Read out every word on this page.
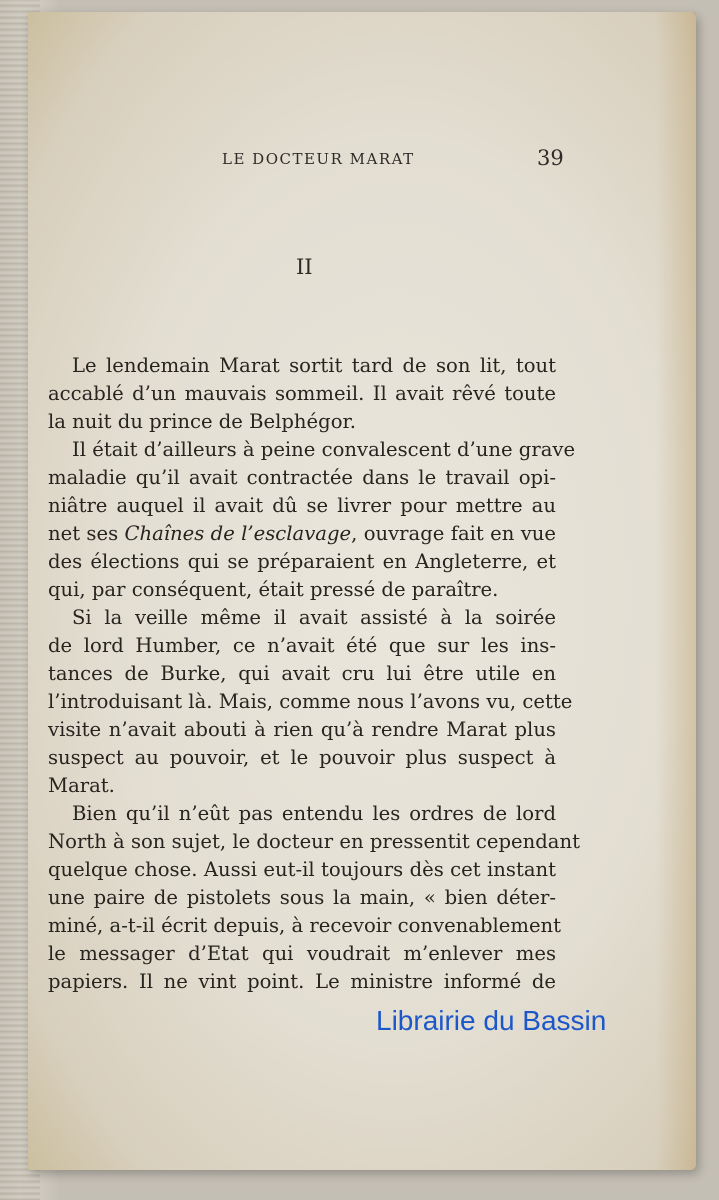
LE DOCTEUR MARAT	39
II
Le lendemain Marat sortit tard de son lit, tout
accablé d’un mauvais sommeil. Il avait rêvé toute
la nuit du prince de Belphégor.
Il était d’ailleurs à peine convalescent d’une grave
maladie qu’il avait contractée dans le travail opi-
niâtre auquel il avait dû se livrer pour mettre au
net ses Chaînes de l’esclavage, ouvrage fait en vue
des élections qui se préparaient en Angleterre, et
qui, par conséquent, était pressé de paraître.
Si la veille même il avait assisté à la soirée
de lord Humber, ce n’avait été que sur les ins-
tances de Burke, qui avait cru lui être utile en
l’introduisant là. Mais, comme nous l’avons vu, cette
visite n’avait abouti à rien qu’à rendre Marat plus
suspect au pouvoir, et le pouvoir plus suspect à
Marat.
Bien qu’il n’eût pas entendu les ordres de lord
North à son sujet, le docteur en pressentit cependant
quelque chose. Aussi eut-il toujours dès cet instant
une paire de pistolets sous la main, « bien déter-
miné, a-t-il écrit depuis, à recevoir convenablement
le messager d’Etat qui voudrait m’enlever mes
papiers. Il ne vint point. Le ministre informé de
Librairie du Bassin
